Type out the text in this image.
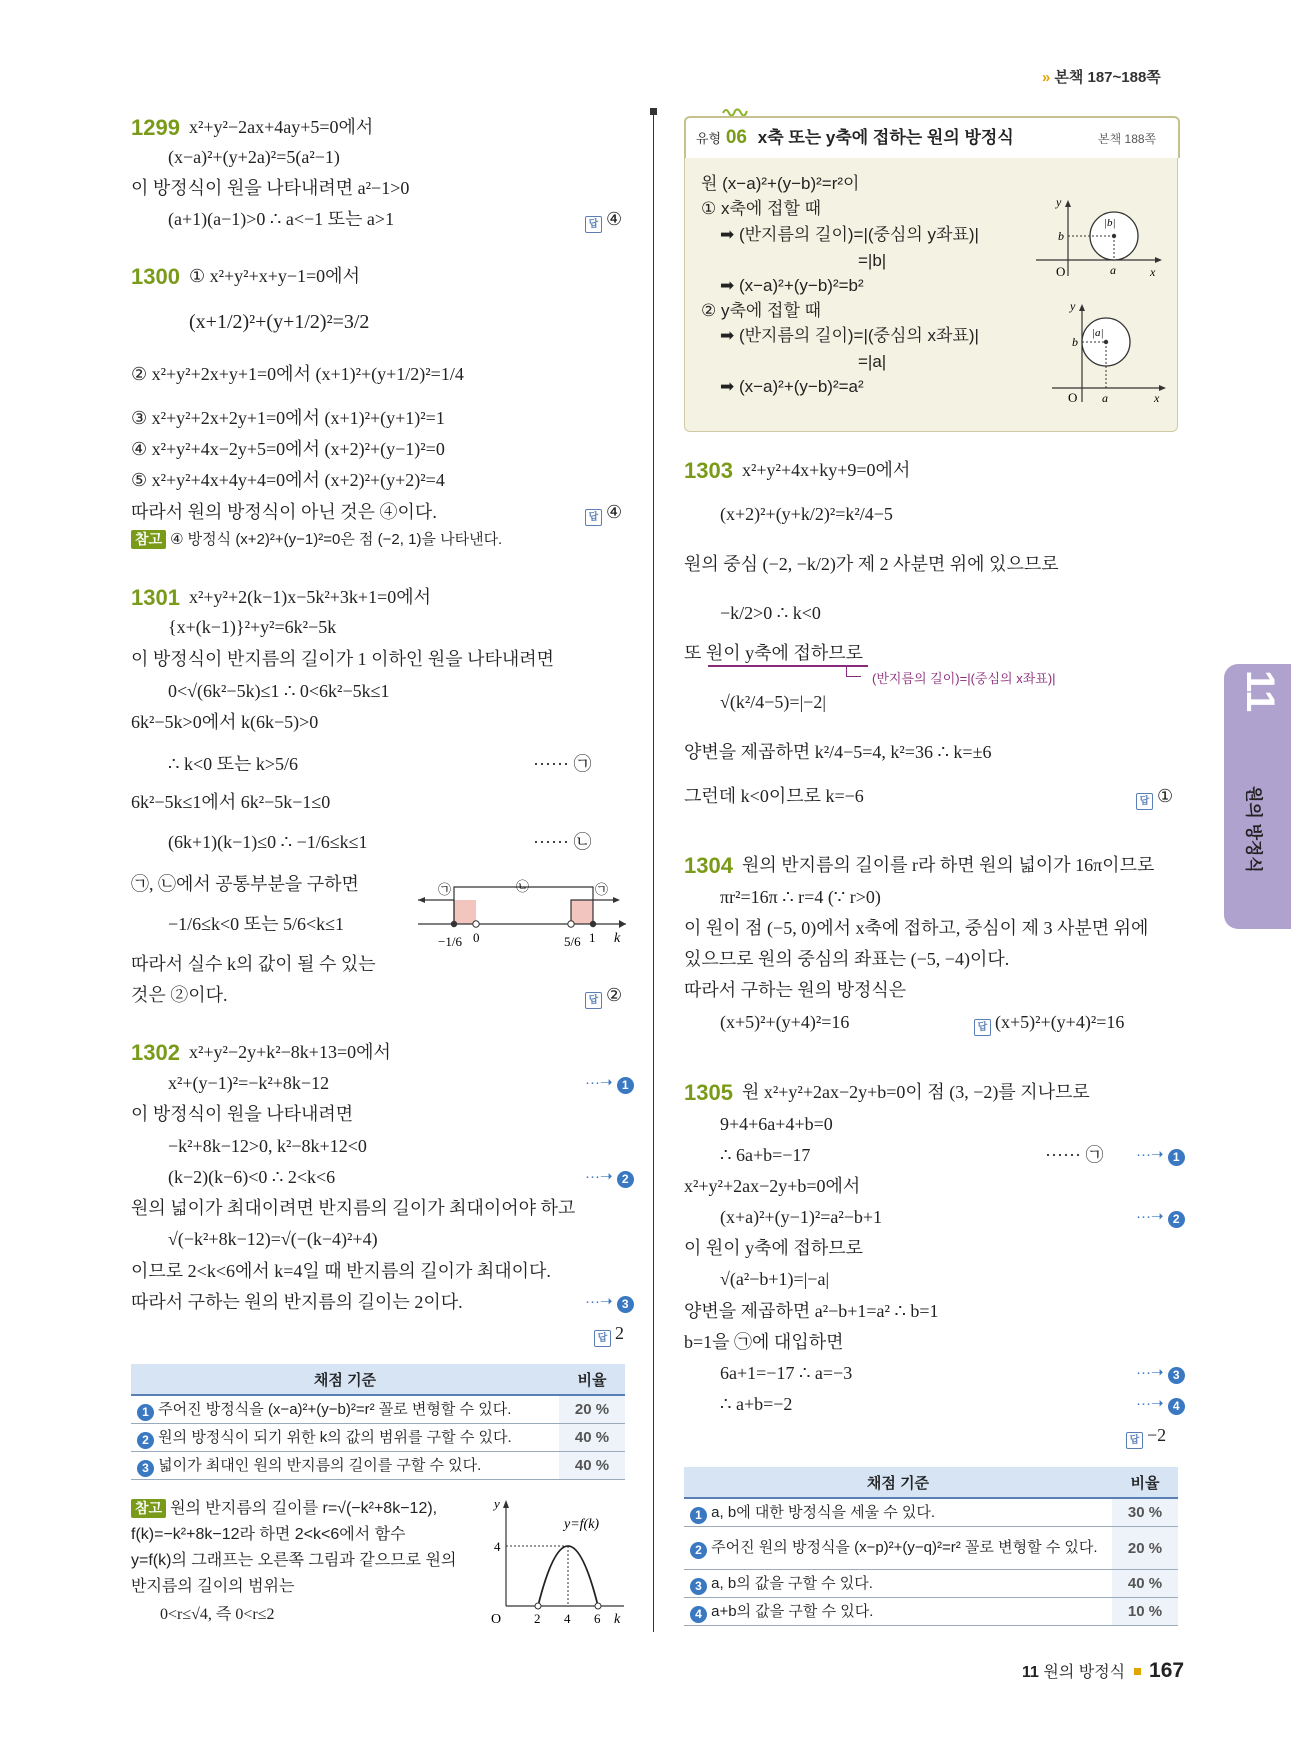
» 본책 187~188쪽
1299 x²+y²−2ax+4ay+5=0에서
(x−a)²+(y+2a)²=5(a²−1)
이 방정식이 원을 나타내려면 a²−1>0
(a+1)(a−1)>0 ∴ a<−1 또는 a>1	답 ④
1300 ① x²+y²+x+y−1=0에서
(x+1/2)²+(y+1/2)²=3/2
② x²+y²+2x+y+1=0에서 (x+1)²+(y+1/2)²=1/4
③ x²+y²+2x+2y+1=0에서 (x+1)²+(y+1)²=1
④ x²+y²+4x−2y+5=0에서 (x+2)²+(y−1)²=0
⑤ x²+y²+4x+4y+4=0에서 (x+2)²+(y+2)²=4
따라서 원의 방정식이 아닌 것은 ④이다.	답 ④
참고 ④ 방정식 (x+2)²+(y−1)²=0은 점 (−2, 1)을 나타낸다.
1301 x²+y²+2(k−1)x−5k²+3k+1=0에서
{x+(k−1)}²+y²=6k²−5k
이 방정식이 반지름의 길이가 1 이하인 원을 나타내려면
0<√(6k²−5k)≤1 ∴ 0<6k²−5k≤1
6k²−5k>0에서 k(6k−5)>0
∴ k<0 또는 k>5/6	······ ㉠
6k²−5k≤1에서 6k²−5k−1≤0
(6k+1)(k−1)≤0 ∴ −1/6≤k≤1	······ ㉡
㉠, ㉡에서 공통부분을 구하면
−1/6≤k<0 또는 5/6<k≤1
따라서 실수 k의 값이 될 수 있는
것은 ②이다.	답 ②
㉠	㉡	㉠
−1/6 0	5/6 1 k
1302 x²+y²−2y+k²−8k+13=0에서
x²+(y−1)²=−k²+8k−12	···➝ 1
이 방정식이 원을 나타내려면
−k²+8k−12>0, k²−8k+12<0
(k−2)(k−6)<0 ∴ 2<k<6	···➝ 2
원의 넓이가 최대이려면 반지름의 길이가 최대이어야 하고
√(−k²+8k−12)=√(−(k−4)²+4)
이므로 2<k<6에서 k=4일 때 반지름의 길이가 최대이다.
따라서 구하는 원의 반지름의 길이는 2이다.	···➝ 3
답 2
채점 기준	비율
1 주어진 방정식을 (x−a)²+(y−b)²=r² 꼴로 변형할 수 있다.	20 %
2 원의 방정식이 되기 위한 k의 값의 범위를 구할 수 있다.	40 %
3 넓이가 최대인 원의 반지름의 길이를 구할 수 있다.	40 %
참고 원의 반지름의 길이를 r=√(−k²+8k−12),
f(k)=−k²+8k−12라 하면 2<k<6에서 함수
y=f(k)의 그래프는 오른쪽 그림과 같으므로 원의
반지름의 길이의 범위는
0<r≤√4, 즉 0<r≤2
y
y=f(k)
4
O	2 4 6 k
유형 06 x축 또는 y축에 접하는 원의 방정식	본책 188쪽
원 (x−a)²+(y−b)²=r²이
① x축에 접할 때
➡ (반지름의 길이)=|(중심의 y좌표)|
=|b|
➡ (x−a)²+(y−b)²=b²
② y축에 접할 때
➡ (반지름의 길이)=|(중심의 x좌표)|
=|a|
➡ (x−a)²+(y−b)²=a²
y
b
|b|
O	a	x
y
b
|a|
O a	x
1303 x²+y²+4x+ky+9=0에서
(x+2)²+(y+k/2)²=k²/4−5
원의 중심 (−2, −k/2)가 제 2 사분면 위에 있으므로
−k/2>0 ∴ k<0
또 원이 y축에 접하므로
(반지름의 길이)=|(중심의 x좌표)|
√(k²/4−5)=|−2|
양변을 제곱하면 k²/4−5=4, k²=36 ∴ k=±6
그런데 k<0이므로 k=−6	답 ①
1304 원의 반지름의 길이를 r라 하면 원의 넓이가 16π이므로
πr²=16π ∴ r=4 (∵ r>0)
이 원이 점 (−5, 0)에서 x축에 접하고, 중심이 제 3 사분면 위에
있으므로 원의 중심의 좌표는 (−5, −4)이다.
따라서 구하는 원의 방정식은
(x+5)²+(y+4)²=16	답 (x+5)²+(y+4)²=16
1305 원 x²+y²+2ax−2y+b=0이 점 (3, −2)를 지나므로
9+4+6a+4+b=0
∴ 6a+b=−17	······ ㉠ ···➝ 1
x²+y²+2ax−2y+b=0에서
(x+a)²+(y−1)²=a²−b+1	···➝ 2
이 원이 y축에 접하므로
√(a²−b+1)=|−a|
양변을 제곱하면 a²−b+1=a² ∴ b=1
b=1을 ㉠에 대입하면
6a+1=−17 ∴ a=−3	···➝ 3
∴ a+b=−2	···➝ 4
답 −2
채점 기준	비율
1 a, b에 대한 방정식을 세울 수 있다.	30 %
2 주어진 원의 방정식을 (x−p)²+(y−q)²=r² 꼴로 변형할 수 있다.	20 %
3 a, b의 값을 구할 수 있다.	40 %
4 a+b의 값을 구할 수 있다.	10 %
11
원의 방정식
11 원의 방정식 167
